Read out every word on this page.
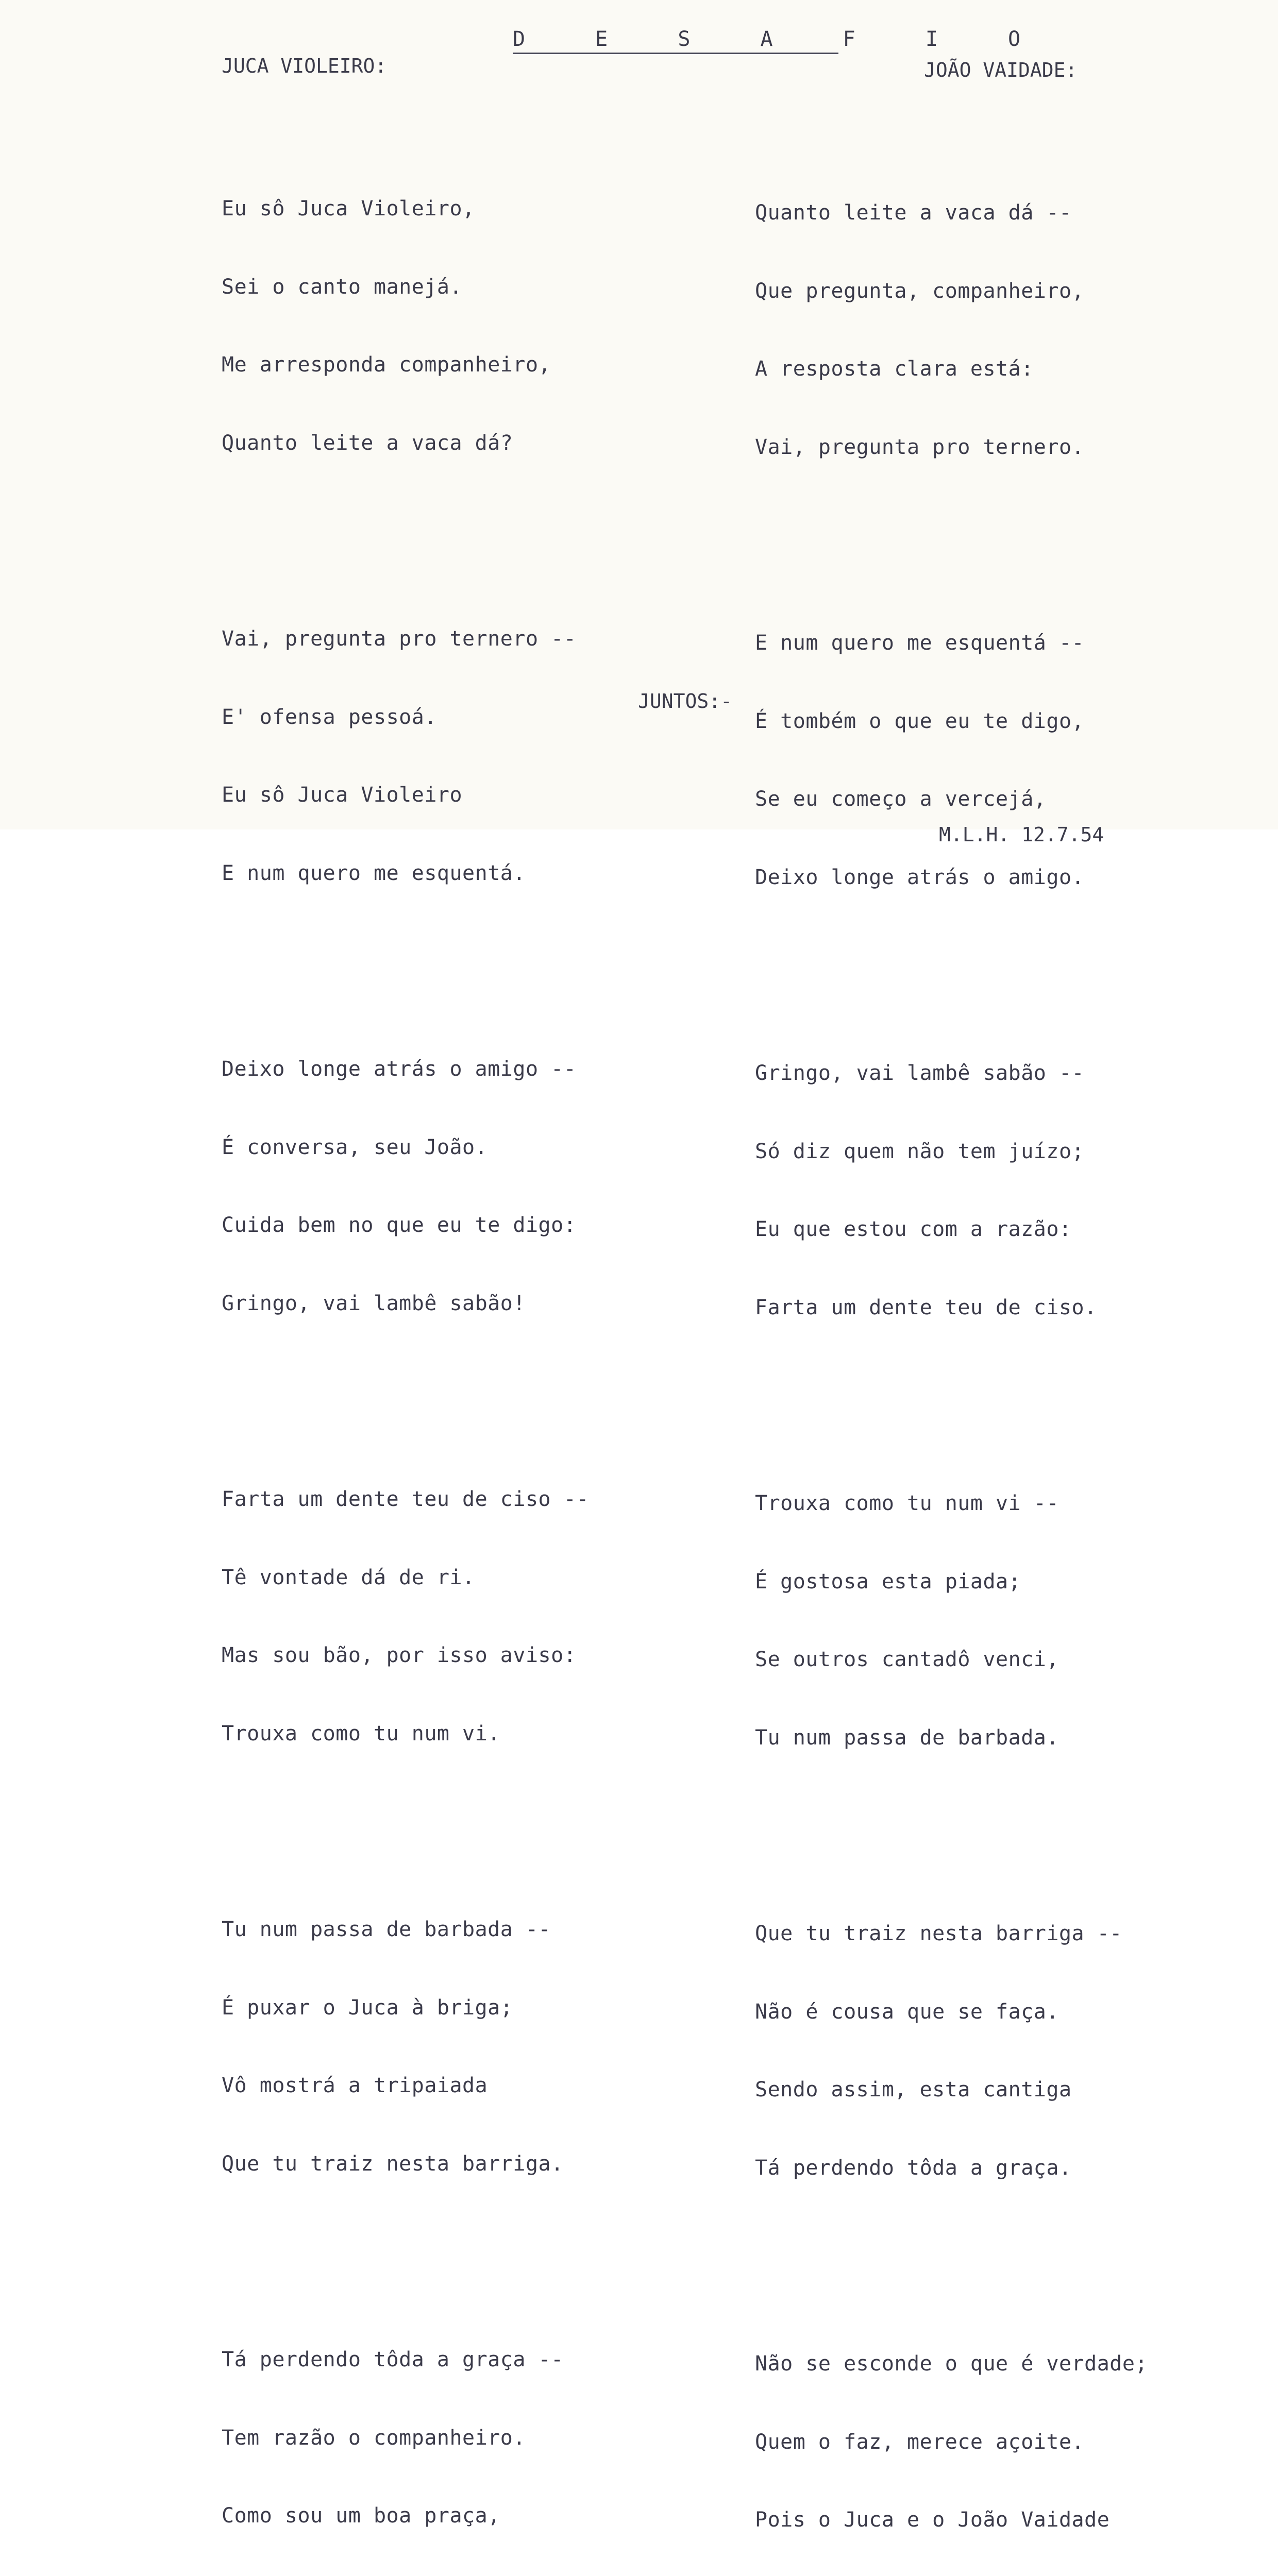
D E S A F I O
JUCA VIOLEIRO:	JOÃO VAIDADE:

Eu sô Juca Violeiro,

Sei o canto manejá.

Me arresponda companheiro,

Quanto leite a vaca dá?

Vai, pregunta pro ternero --

E' ofensa pessoá.

Eu sô Juca Violeiro

E num quero me esquentá.

Deixo longe atrás o amigo --

É conversa, seu João.

Cuida bem no que eu te digo:

Gringo, vai lambê sabão!

Farta um dente teu de ciso --

Tê vontade dá de ri.

Mas sou bão, por isso aviso:

Trouxa como tu num vi.

Tu num passa de barbada --

É puxar o Juca à briga;

Vô mostrá a tripaiada

Que tu traiz nesta barriga.

Tá perdendo tôda a graça --

Tem razão o companheiro.

Como sou um boa praça,

Quanto leite a vaca dá --

Que pregunta, companheiro,

A resposta clara está:

Vai, pregunta pro ternero.

E num quero me esquentá --

É tombém o que eu te digo,

Se eu começo a vercejá,

Deixo longe atrás o amigo.

Gringo, vai lambê sabão --

Só diz quem não tem juízo;

Eu que estou com a razão:

Farta um dente teu de ciso.

Trouxa como tu num vi --

É gostosa esta piada;

Se outros cantadô venci,

Tu num passa de barbada.

Que tu traiz nesta barriga --

Não é cousa que se faça.

Sendo assim, esta cantiga

Tá perdendo tôda a graça.

Não se esconde o que é verdade;

Quem o faz, merece açoite.

Pois o Juca e o João Vaidade

JUNTOS:-
M.L.H. 12.7.54
